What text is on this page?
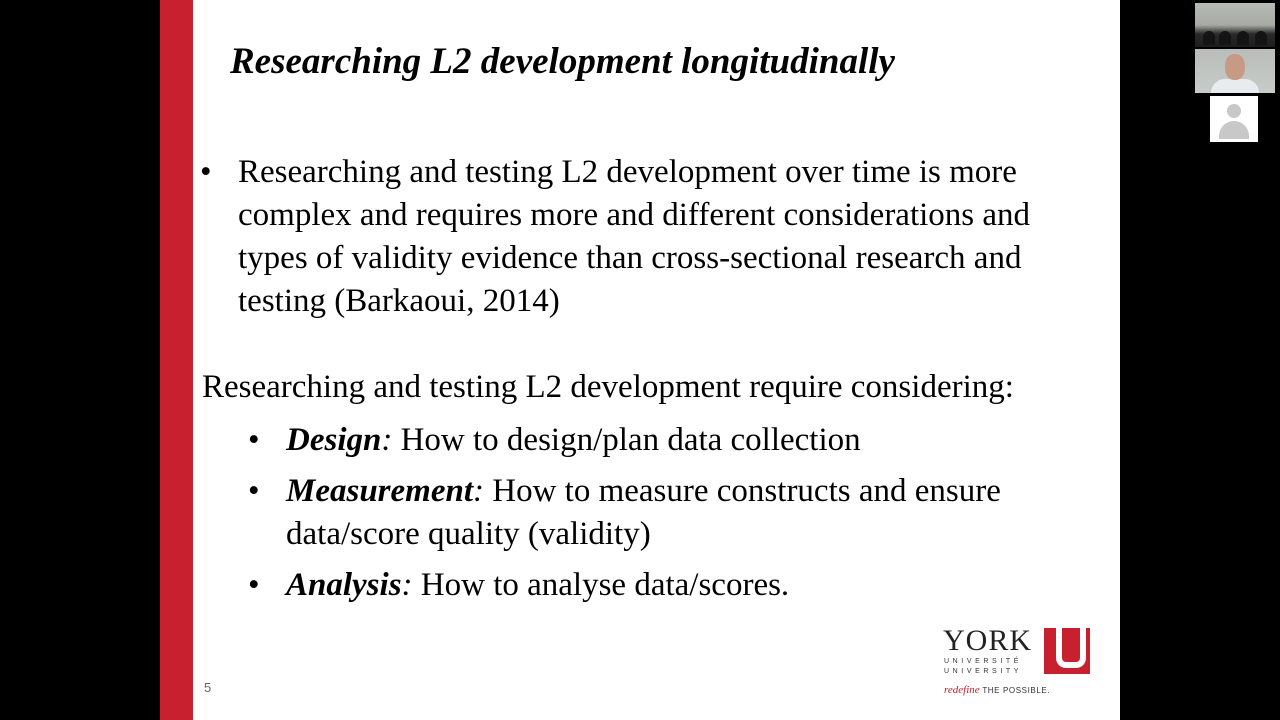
Researching L2 development longitudinally
• Researching and testing L2 development over time is more complex and requires more and different considerations and types of validity evidence than cross-sectional research and testing (Barkaoui, 2014)
Researching and testing L2 development require considering:
• Design: How to design/plan data collection
• Measurement: How to measure constructs and ensure data/score quality (validity)
• Analysis: How to analyse data/scores.
5
YORK
UNIVERSITÉ
UNIVERSITY
redefine THE POSSIBLE.
